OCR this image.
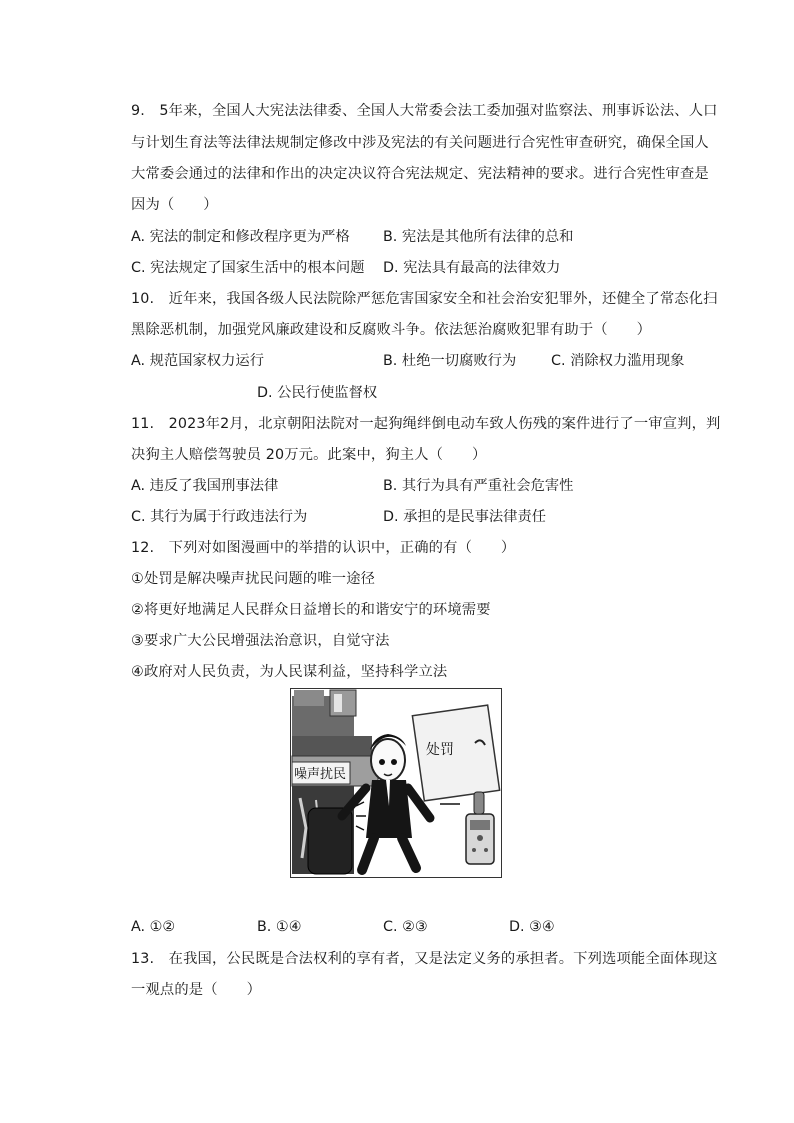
9.　5年来，全国人大宪法法律委、全国人大常委会法工委加强对监察法、刑事诉讼法、人口
与计划生育法等法律法规制定修改中涉及宪法的有关问题进行合宪性审查研究，确保全国人
大常委会通过的法律和作出的决定决议符合宪法规定、宪法精神的要求。进行合宪性审查是
因为（　　）
A. 宪法的制定和修改程序更为严格 B. 宪法是其他所有法律的总和
C. 宪法规定了国家生活中的根本问题 D. 宪法具有最高的法律效力
10.　近年来，我国各级人民法院除严惩危害国家安全和社会治安犯罪外，还健全了常态化扫
黑除恶机制，加强党风廉政建设和反腐败斗争。依法惩治腐败犯罪有助于（　　）
A. 规范国家权力运行	B. 杜绝一切腐败行为 C. 消除权力滥用现象
D. 公民行使监督权
11.　2023年2月，北京朝阳法院对一起狗绳绊倒电动车致人伤残的案件进行了一审宣判，判
决狗主人赔偿驾驶员 20万元。此案中，狗主人（　　）
A. 违反了我国刑事法律	B. 其行为具有严重社会危害性
C. 其行为属于行政违法行为	D. 承担的是民事法律责任
12.　下列对如图漫画中的举措的认识中，正确的有（　　）
①处罚是解决噪声扰民问题的唯一途径
②将更好地满足人民群众日益增长的和谐安宁的环境需要
③要求广大公民增强法治意识，自觉守法
④政府对人民负责，为人民谋利益，坚持科学立法
噪声扰民
处罚
A. ①②	B. ①④	C. ②③	D. ③④
13.　在我国，公民既是合法权利的享有者，又是法定义务的承担者。下列选项能全面体现这
一观点的是（　　）
